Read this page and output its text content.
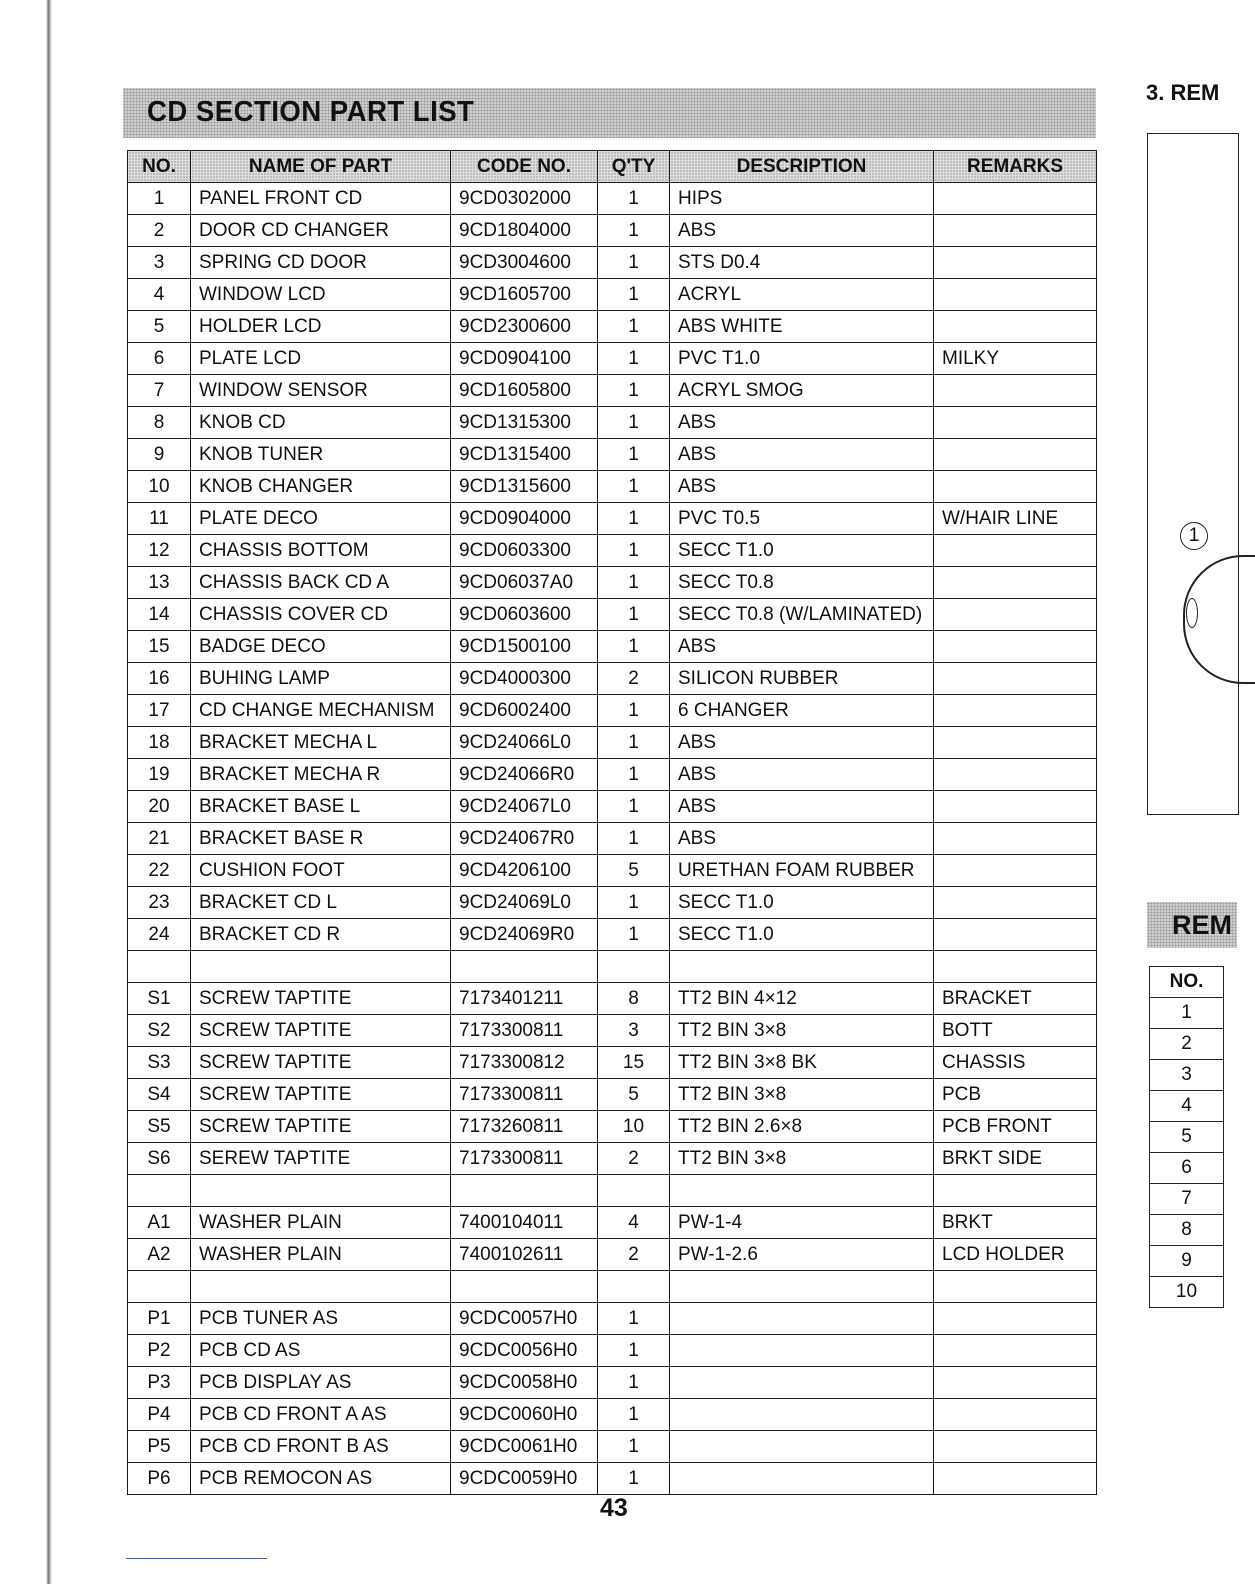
CD SECTION PART LIST
3. REM
1
REM
NO.
1
2
3
4
5
6
7
8
9
10
NO.	NAME OF PART	CODE NO.	Q'TY	DESCRIPTION	REMARKS
1	PANEL FRONT CD	9CD0302000	1	HIPS	
2	DOOR CD CHANGER	9CD1804000	1	ABS	
3	SPRING CD DOOR	9CD3004600	1	STS D0.4	
4	WINDOW LCD	9CD1605700	1	ACRYL	
5	HOLDER LCD	9CD2300600	1	ABS WHITE	
6	PLATE LCD	9CD0904100	1	PVC T1.0	MILKY
7	WINDOW SENSOR	9CD1605800	1	ACRYL SMOG	
8	KNOB CD	9CD1315300	1	ABS	
9	KNOB TUNER	9CD1315400	1	ABS	
10	KNOB CHANGER	9CD1315600	1	ABS	
11	PLATE DECO	9CD0904000	1	PVC T0.5	W/HAIR LINE
12	CHASSIS BOTTOM	9CD0603300	1	SECC T1.0	
13	CHASSIS BACK CD A	9CD06037A0	1	SECC T0.8	
14	CHASSIS COVER CD	9CD0603600	1	SECC T0.8 (W/LAMINATED)	
15	BADGE DECO	9CD1500100	1	ABS	
16	BUHING LAMP	9CD4000300	2	SILICON RUBBER	
17	CD CHANGE MECHANISM	9CD6002400	1	6 CHANGER	
18	BRACKET MECHA L	9CD24066L0	1	ABS	
19	BRACKET MECHA R	9CD24066R0	1	ABS	
20	BRACKET BASE L	9CD24067L0	1	ABS	
21	BRACKET BASE R	9CD24067R0	1	ABS	
22	CUSHION FOOT	9CD4206100	5	URETHAN FOAM RUBBER	
23	BRACKET CD L	9CD24069L0	1	SECC T1.0	
24	BRACKET CD R	9CD24069R0	1	SECC T1.0	

S1	SCREW TAPTITE	7173401211	8	TT2 BIN 4×12	BRACKET
S2	SCREW TAPTITE	7173300811	3	TT2 BIN 3×8	BOTT
S3	SCREW TAPTITE	7173300812	15	TT2 BIN 3×8 BK	CHASSIS
S4	SCREW TAPTITE	7173300811	5	TT2 BIN 3×8	PCB
S5	SCREW TAPTITE	7173260811	10	TT2 BIN 2.6×8	PCB FRONT
S6	SEREW TAPTITE	7173300811	2	TT2 BIN 3×8	BRKT SIDE

A1	WASHER PLAIN	7400104011	4	PW-1-4	BRKT
A2	WASHER PLAIN	7400102611	2	PW-1-2.6	LCD HOLDER

P1	PCB TUNER AS	9CDC0057H0	1		
P2	PCB CD AS	9CDC0056H0	1		
P3	PCB DISPLAY AS	9CDC0058H0	1		
P4	PCB CD FRONT A AS	9CDC0060H0	1		
P5	PCB CD FRONT B AS	9CDC0061H0	1		
P6	PCB REMOCON AS	9CDC0059H0	1		
43
